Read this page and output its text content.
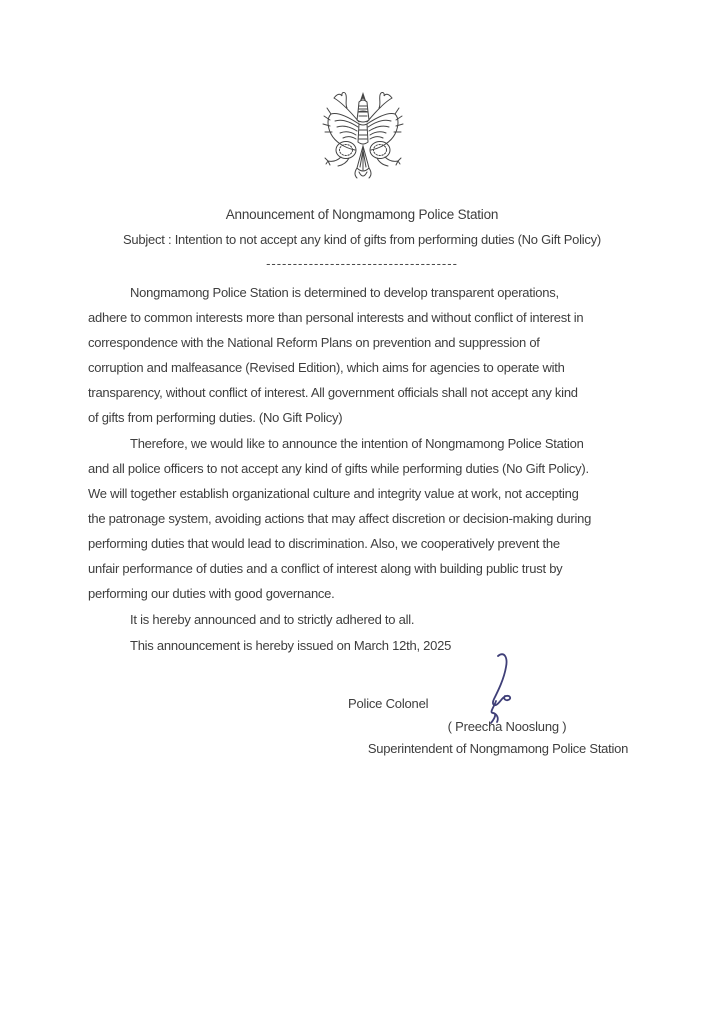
Announcement of Nongmamong Police Station
Subject : Intention to not accept any kind of gifts from performing duties (No Gift Policy)
------------------------------------
Nongmamong Police Station is determined to develop transparent operations,
adhere to common interests more than personal interests and without conflict of interest in
correspondence with the National Reform Plans on prevention and suppression of
corruption and malfeasance (Revised Edition), which aims for agencies to operate with
transparency, without conflict of interest. All government officials shall not accept any kind
of gifts from performing duties. (No Gift Policy)
Therefore, we would like to announce the intention of Nongmamong Police Station
and all police officers to not accept any kind of gifts while performing duties (No Gift Policy).
We will together establish organizational culture and integrity value at work, not accepting
the patronage system, avoiding actions that may affect discretion or decision-making during
performing duties that would lead to discrimination. Also, we cooperatively prevent the
unfair performance of duties and a conflict of interest along with building public trust by
performing our duties with good governance.
It is hereby announced and to strictly adhered to all.
This announcement is hereby issued on March 12th, 2025
Police Colonel
( Preecha Nooslung )
Superintendent of Nongmamong Police Station
